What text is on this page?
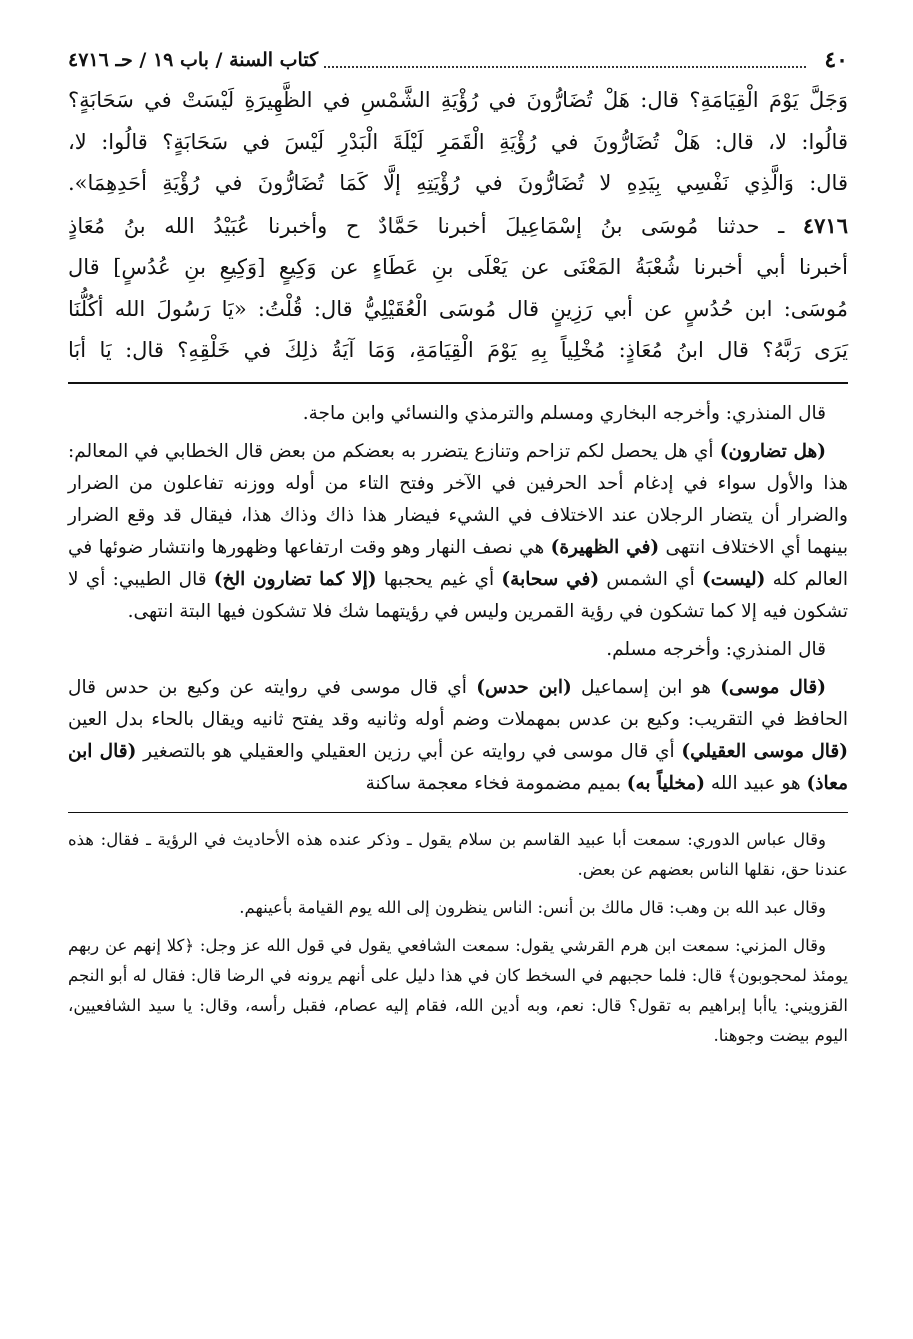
٤٠
كتاب السنة / باب ١٩ / حـ ٤٧١٦

وَجَلَّ يَوْمَ الْقِيَامَةِ؟ قال: هَلْ تُضَارُّونَ في رُؤْيَةِ الشَّمْسِ في الظَّهِيرَةِ لَيْسَتْ في سَحَابَةٍ؟

قالُوا: لا، قال: هَلْ تُضَارُّونَ في رُؤْيَةِ الْقَمَرِ لَيْلَةَ الْبَدْرِ لَيْسَ في سَحَابَةٍ؟ قالُوا: لا،

قال: وَالَّذِي نَفْسِي بِيَدِهِ لا تُضَارُّونَ في رُؤْيَتِهِ إلَّا كَمَا تُضَارُّونَ في رُؤْيَةِ أحَدِهِمَا».

٤٧١٦ ـ حدثنا مُوسَى بنُ إسْمَاعِيلَ أخبرنا حَمَّادٌ ح وأخبرنا عُبَيْدُ الله بنُ مُعَاذٍ

أخبرنا أبي أخبرنا شُعْبَةُ المَعْنَى عن يَعْلَى بنِ عَطَاءٍ عن وَكِيعٍ [وَكِيعِ بنِ عُدُسٍ] قال

مُوسَى: ابن حُدُسٍ عن أبي رَزِينٍ قال مُوسَى الْعُقَيْلِيُّ قال: قُلْتُ: «يَا رَسُولَ الله أكُلُّنَا

يَرَى رَبَّهُ؟ قال ابنُ مُعَاذٍ: مُخْلِياً بِهِ يَوْمَ الْقِيَامَةِ، وَمَا آيَةُ ذلِكَ في خَلْقِهِ؟ قال: يَا أبَا

قال المنذري: وأخرجه البخاري ومسلم والترمذي والنسائي وابن ماجة.

(هل تضارون) أي هل يحصل لكم تزاحم وتنازع يتضرر به بعضكم من بعض قال الخطابي في المعالم: هذا والأول سواء في إدغام أحد الحرفين في الآخر وفتح التاء من أوله ووزنه تفاعلون من الضرار والضرار أن يتضار الرجلان عند الاختلاف في الشيء فيضار هذا ذاك وذاك هذا، فيقال قد وقع الضرار بينهما أي الاختلاف انتهى (في الظهيرة) هي نصف النهار وهو وقت ارتفاعها وظهورها وانتشار ضوئها في العالم كله (ليست) أي الشمس (في سحابة) أي غيم يحجبها (إلا كما تضارون الخ) قال الطيبي: أي لا تشكون فيه إلا كما تشكون في رؤية القمرين وليس في رؤيتهما شك فلا تشكون فيها البتة انتهى.

قال المنذري: وأخرجه مسلم.

(قال موسى) هو ابن إسماعيل (ابن حدس) أي قال موسى في روايته عن وكيع بن حدس قال الحافظ في التقريب: وكيع بن عدس بمهملات وضم أوله وثانيه وقد يفتح ثانيه ويقال بالحاء بدل العين (قال موسى العقيلي) أي قال موسى في روايته عن أبي رزين العقيلي والعقيلي هو بالتصغير (قال ابن معاذ) هو عبيد الله (مخلياً به) بميم مضمومة فخاء معجمة ساكنة

وقال عباس الدوري: سمعت أبا عبيد القاسم بن سلام يقول ـ وذكر عنده هذه الأحاديث في الرؤية ـ فقال: هذه عندنا حق، نقلها الناس بعضهم عن بعض.

وقال عبد الله بن وهب: قال مالك بن أنس: الناس ينظرون إلى الله يوم القيامة بأعينهم.

وقال المزني: سمعت ابن هرم القرشي يقول: سمعت الشافعي يقول في قول الله عز وجل: ﴿كلا إنهم عن ربهم يومئذ لمحجوبون﴾ قال: فلما حجبهم في السخط كان في هذا دليل على أنهم يرونه في الرضا قال: فقال له أبو النجم القزويني: ياأبا إبراهيم به تقول؟ قال: نعم، وبه أدين الله، فقام إليه عصام، فقبل رأسه، وقال: يا سيد الشافعيين، اليوم بيضت وجوهنا.
